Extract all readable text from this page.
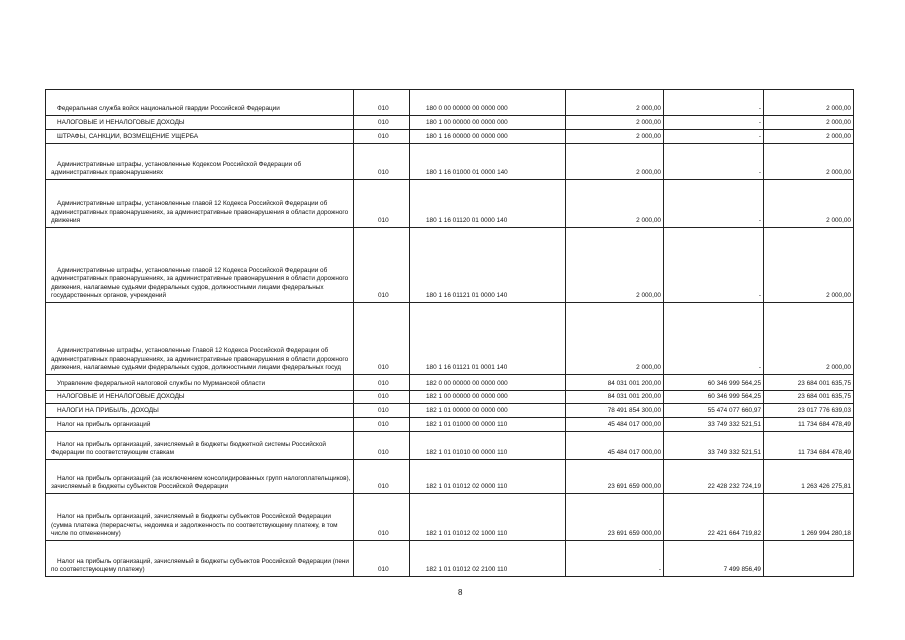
Федеральная служба войск национальной гвардии Российской Федерации	010	180 0 00 00000 00 0000 000	2 000,00	-	2 000,00

НАЛОГОВЫЕ И НЕНАЛОГОВЫЕ ДОХОДЫ	010	180 1 00 00000 00 0000 000	2 000,00	-	2 000,00

ШТРАФЫ, САНКЦИИ, ВОЗМЕЩЕНИЕ УЩЕРБА	010	180 1 16 00000 00 0000 000	2 000,00	-	2 000,00

Административные штрафы, установленные Кодексом Российской Федерации об административных правонарушениях	010	180 1 16 01000 01 0000 140	2 000,00	-	2 000,00

Административные штрафы, установленные главой 12 Кодекса Российской Федерации об административных правонарушениях, за административные правонарушения в области дорожного движения	010	180 1 16 01120 01 0000 140	2 000,00	-	2 000,00

Административные штрафы, установленные главой 12 Кодекса Российской Федерации об административных правонарушениях, за административные правонарушения в области дорожного движения, налагаемые судьями федеральных судов, должностными лицами федеральных государственных органов, учреждений	010	180 1 16 01121 01 0000 140	2 000,00	-	2 000,00

Административные штрафы, установленные Главой 12 Кодекса Российской Федерации об административных правонарушениях, за административные правонарушения в области дорожного движения, налагаемые судьями федеральных судов, должностными лицами федеральных госуд	010	180 1 16 01121 01 0001 140	2 000,00	-	2 000,00

Управление федеральной налоговой службы по Мурманской области	010	182 0 00 00000 00 0000 000	84 031 001 200,00	60 346 999 564,25	23 684 001 635,75

НАЛОГОВЫЕ И НЕНАЛОГОВЫЕ ДОХОДЫ	010	182 1 00 00000 00 0000 000	84 031 001 200,00	60 346 999 564,25	23 684 001 635,75

НАЛОГИ НА ПРИБЫЛЬ, ДОХОДЫ	010	182 1 01 00000 00 0000 000	78 491 854 300,00	55 474 077 660,97	23 017 776 639,03

Налог на прибыль организаций	010	182 1 01 01000 00 0000 110	45 484 017 000,00	33 749 332 521,51	11 734 684 478,49

Налог на прибыль организаций, зачисляемый в бюджеты бюджетной системы Российской Федерации по соответствующим ставкам	010	182 1 01 01010 00 0000 110	45 484 017 000,00	33 749 332 521,51	11 734 684 478,49

Налог на прибыль организаций (за исключением консолидированных групп налогоплательщиков), зачисляемый в бюджеты субъектов Российской Федерации	010	182 1 01 01012 02 0000 110	23 691 659 000,00	22 428 232 724,19	1 263 426 275,81

Налог на прибыль организаций, зачисляемый в бюджеты субъектов Российской Федерации (сумма платежа (перерасчеты, недоимка и задолженность по соответствующему платежу, в том числе по отмененному)	010	182 1 01 01012 02 1000 110	23 691 659 000,00	22 421 664 719,82	1 269 994 280,18

Налог на прибыль организаций, зачисляемый в бюджеты субъектов Российской Федерации (пени по соответствующему платежу)	010	182 1 01 01012 02 2100 110	-	7 499 856,49	
8
